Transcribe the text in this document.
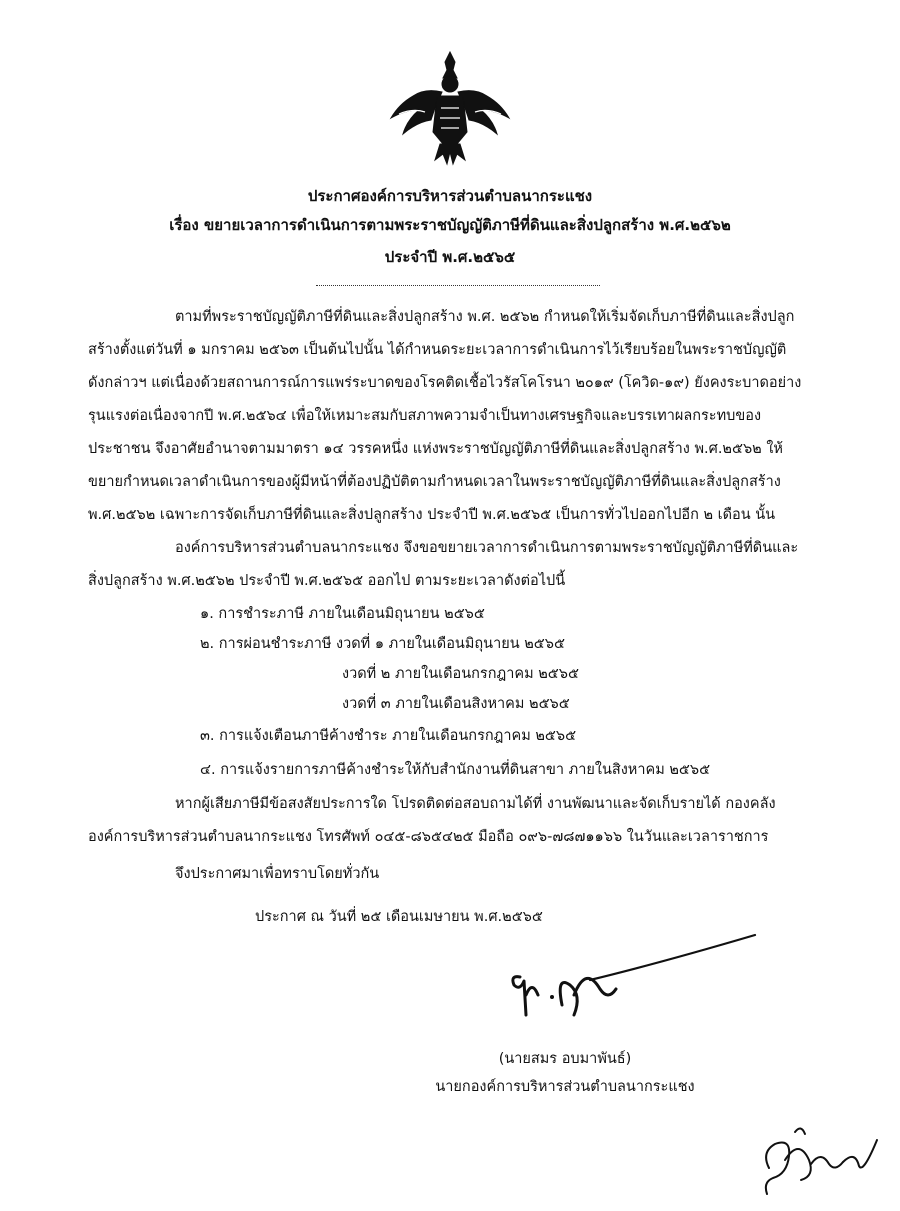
ประกาศองค์การบริหารส่วนตำบลนากระแชง
เรื่อง ขยายเวลาการดำเนินการตามพระราชบัญญัติภาษีที่ดินและสิ่งปลูกสร้าง พ.ศ.๒๕๖๒
ประจำปี พ.ศ.๒๕๖๕
ตามที่พระราชบัญญัติภาษีที่ดินและสิ่งปลูกสร้าง พ.ศ. ๒๕๖๒ กำหนดให้เริ่มจัดเก็บภาษีที่ดินและสิ่งปลูก
สร้างตั้งแต่วันที่ ๑ มกราคม ๒๕๖๓ เป็นต้นไปนั้น ได้กำหนดระยะเวลาการดำเนินการไว้เรียบร้อยในพระราชบัญญัติ
ดังกล่าวฯ แต่เนื่องด้วยสถานการณ์การแพร่ระบาดของโรคติดเชื้อไวรัสโคโรนา ๒๐๑๙ (โควิด-๑๙) ยังคงระบาดอย่าง
รุนแรงต่อเนื่องจากปี พ.ศ.๒๕๖๔ เพื่อให้เหมาะสมกับสภาพความจำเป็นทางเศรษฐกิจและบรรเทาผลกระทบของ
ประชาชน จึงอาศัยอำนาจตามมาตรา ๑๔ วรรคหนึ่ง แห่งพระราชบัญญัติภาษีที่ดินและสิ่งปลูกสร้าง พ.ศ.๒๕๖๒ ให้
ขยายกำหนดเวลาดำเนินการของผู้มีหน้าที่ต้องปฏิบัติตามกำหนดเวลาในพระราชบัญญัติภาษีที่ดินและสิ่งปลูกสร้าง
พ.ศ.๒๕๖๒ เฉพาะการจัดเก็บภาษีที่ดินและสิ่งปลูกสร้าง ประจำปี พ.ศ.๒๕๖๕ เป็นการทั่วไปออกไปอีก ๒ เดือน นั้น
องค์การบริหารส่วนตำบลนากระแชง จึงขอขยายเวลาการดำเนินการตามพระราชบัญญัติภาษีที่ดินและ
สิ่งปลูกสร้าง พ.ศ.๒๕๖๒ ประจำปี พ.ศ.๒๕๖๕ ออกไป ตามระยะเวลาดังต่อไปนี้
๑. การชำระภาษี ภายในเดือนมิถุนายน ๒๕๖๕
๒. การผ่อนชำระภาษี งวดที่ ๑ ภายในเดือนมิถุนายน ๒๕๖๕
งวดที่ ๒ ภายในเดือนกรกฎาคม ๒๕๖๕
งวดที่ ๓ ภายในเดือนสิงหาคม ๒๕๖๕
๓. การแจ้งเตือนภาษีค้างชำระ ภายในเดือนกรกฎาคม ๒๕๖๕
๔. การแจ้งรายการภาษีค้างชำระให้กับสำนักงานที่ดินสาขา ภายในสิงหาคม ๒๕๖๕
หากผู้เสียภาษีมีข้อสงสัยประการใด โปรดติดต่อสอบถามได้ที่ งานพัฒนาและจัดเก็บรายได้ กองคลัง
องค์การบริหารส่วนตำบลนากระแชง โทรศัพท์ ๐๔๕-๘๖๕๔๒๕ มือถือ ๐๙๖-๗๘๗๑๑๖๖ ในวันและเวลาราชการ
จึงประกาศมาเพื่อทราบโดยทั่วกัน
ประกาศ ณ วันที่ ๒๕ เดือนเมษายน พ.ศ.๒๕๖๕
(นายสมร อบมาพันธ์)
นายกองค์การบริหารส่วนตำบลนากระแชง
